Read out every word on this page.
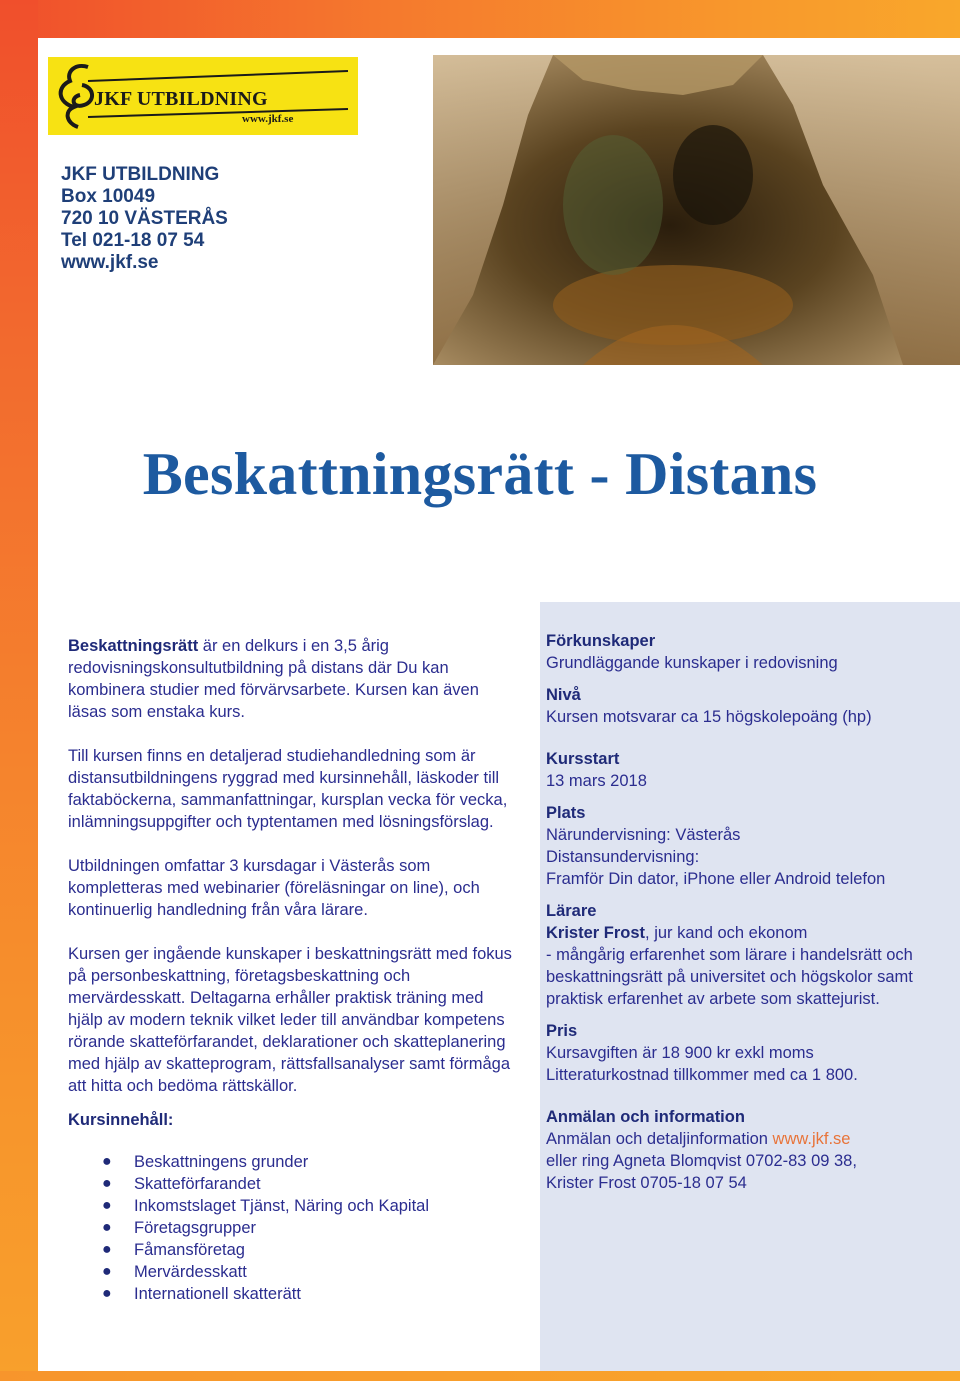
JKF UTBILDNING
www.jkf.se
JKF UTBILDNING
Box 10049
720 10 VÄSTERÅS
Tel 021-18 07 54
www.jkf.se
Beskattningsrätt - Distans

Beskattningsrätt är en delkurs i en 3,5 årig redovisningskonsultutbildning på distans där Du kan kombinera studier med förvärvsarbete. Kursen kan även läsas som enstaka kurs.

Till kursen finns en detaljerad studiehandledning som är distansutbildningens ryggrad med kursinnehåll, läskoder till faktaböckerna, sammanfattningar, kursplan vecka för vecka, inlämningsuppgifter och typtentamen med lösningsförslag.

Utbildningen omfattar 3 kursdagar i Västerås som kompletteras med webinarier (föreläsningar on line), och kontinuerlig handledning från våra lärare.

Kursen ger ingående kunskaper i beskattningsrätt med fokus på personbeskattning, företagsbeskattning och mervärdesskatt. Deltagarna erhåller praktisk träning med hjälp av modern teknik vilket leder till användbar kompetens rörande skatteförfarandet, deklarationer och skatteplanering med hjälp av skatteprogram, rättsfallsanalyser samt förmåga att hitta och bedöma rättskällor.

Kursinnehåll:
● Beskattningens grunder
● Skatteförfarandet
● Inkomstslaget Tjänst, Näring och Kapital
● Företagsgrupper
● Fåmansföretag
● Mervärdesskatt
● Internationell skatterätt
Förkunskaper
Grundläggande kunskaper i redovisning
Nivå
Kursen motsvarar ca 15 högskolepoäng (hp)
Kursstart
13 mars 2018
Plats
Närundervisning: Västerås
Distansundervisning:
Framför Din dator, iPhone eller Android telefon
Lärare
Krister Frost, jur kand och ekonom
- mångårig erfarenhet som lärare i handelsrätt och beskattningsrätt på universitet och högskolor samt praktisk erfarenhet av arbete som skattejurist.
Pris
Kursavgiften är 18 900 kr exkl moms
Litteraturkostnad tillkommer med ca 1 800.
Anmälan och information
Anmälan och detaljinformation www.jkf.se
eller ring Agneta Blomqvist 0702-83 09 38,
Krister Frost 0705-18 07 54
